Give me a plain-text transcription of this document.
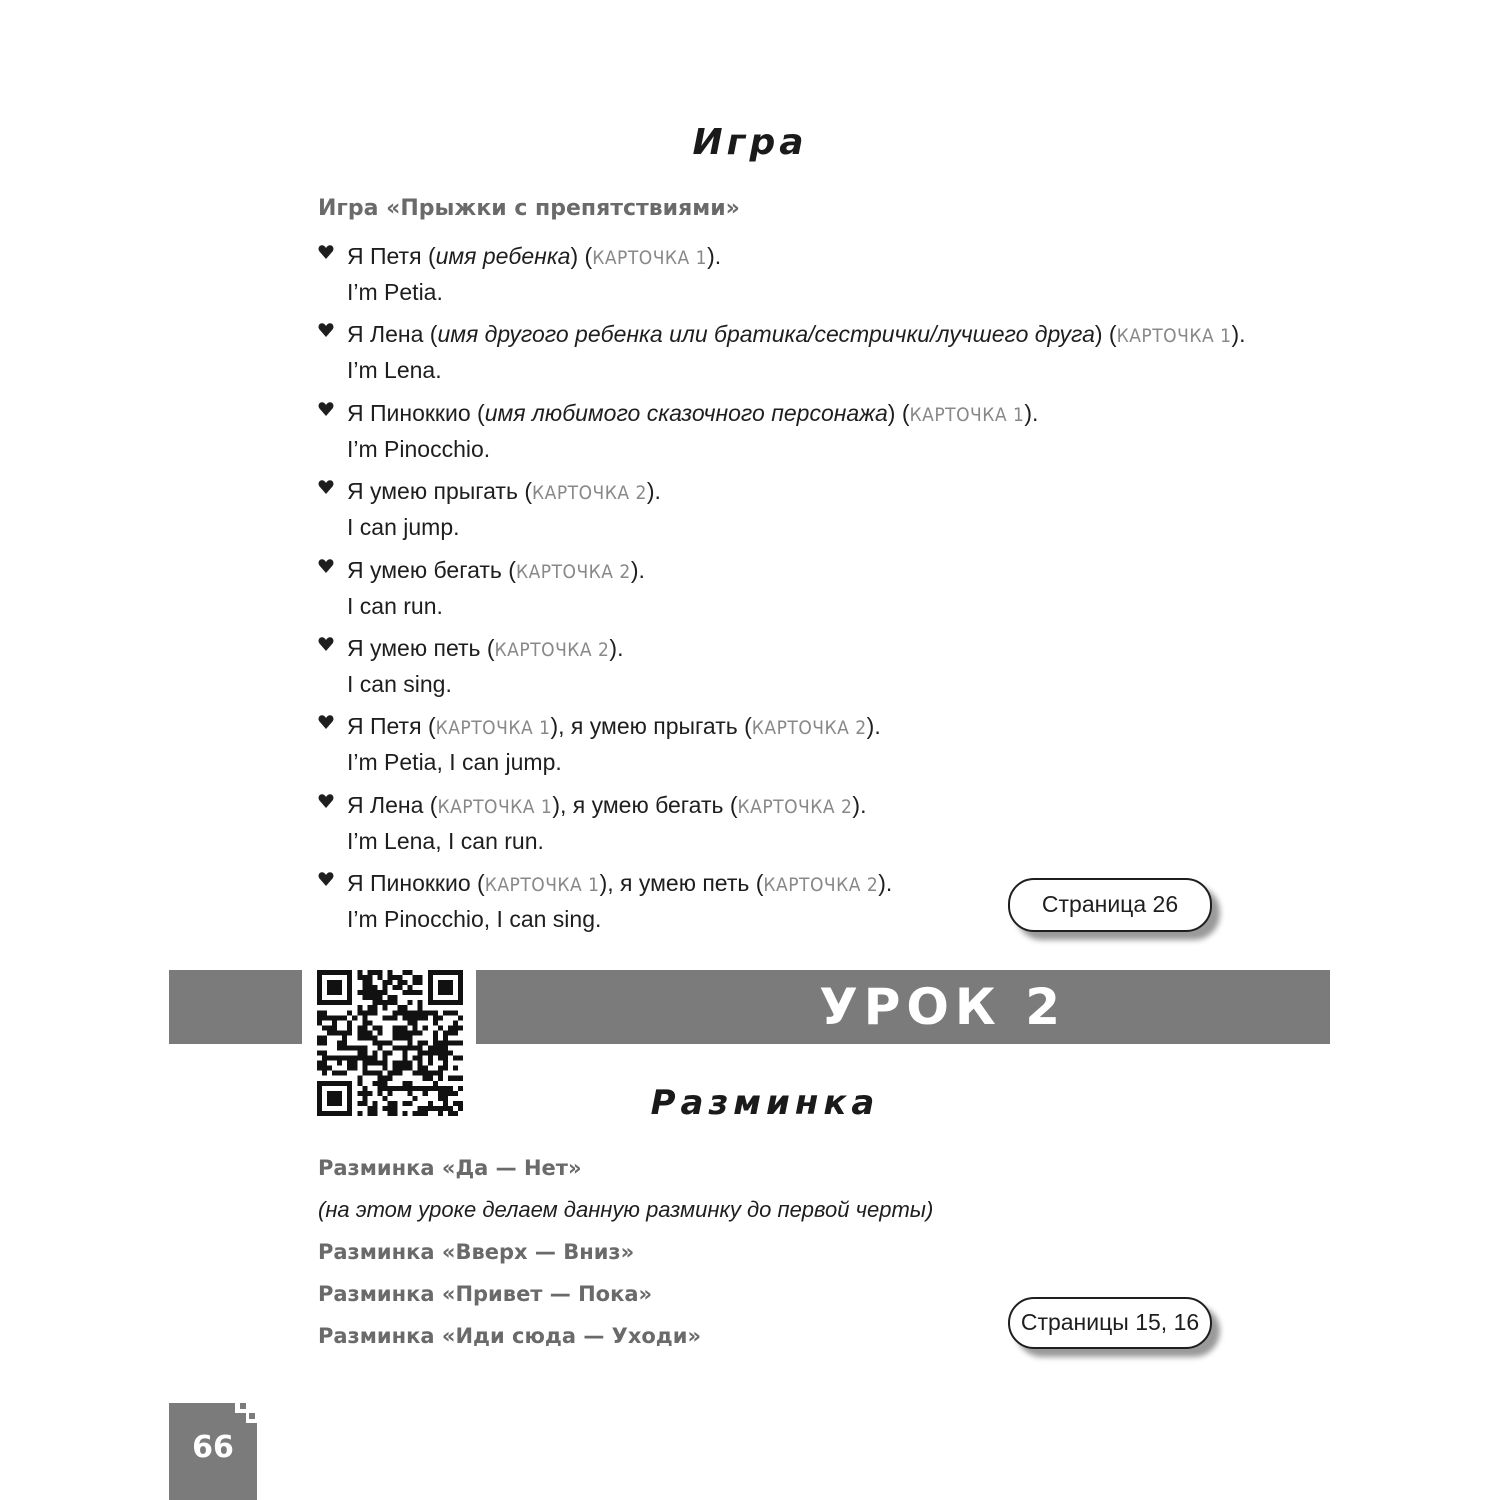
Игра
Игра «Прыжки с препятствиями»
Я Петя (имя ребенка) (КАРТОЧКА 1).
I’m Petia.
Я Лена (имя другого ребенка или братика/сестрички/лучшего друга) (КАРТОЧКА 1).
I’m Lena.
Я Пиноккио (имя любимого сказочного персонажа) (КАРТОЧКА 1).
I’m Pinocchio.
Я умею прыгать (КАРТОЧКА 2).
I can jump.
Я умею бегать (КАРТОЧКА 2).
I can run.
Я умею петь (КАРТОЧКА 2).
I can sing.
Я Петя (КАРТОЧКА 1), я умею прыгать (КАРТОЧКА 2).
I’m Petia, I can jump.
Я Лена (КАРТОЧКА 1), я умею бегать (КАРТОЧКА 2).
I’m Lena, I can run.
Я Пиноккио (КАРТОЧКА 1), я умею петь (КАРТОЧКА 2).
I’m Pinocchio, I can sing.
Страница 26
УРОК 2
Разминка
Разминка «Да — Нет»
(на этом уроке делаем данную разминку до первой черты)
Разминка «Вверх — Вниз»
Разминка «Привет — Пока»
Разминка «Иди сюда — Уходи»
Страницы 15, 16
66
